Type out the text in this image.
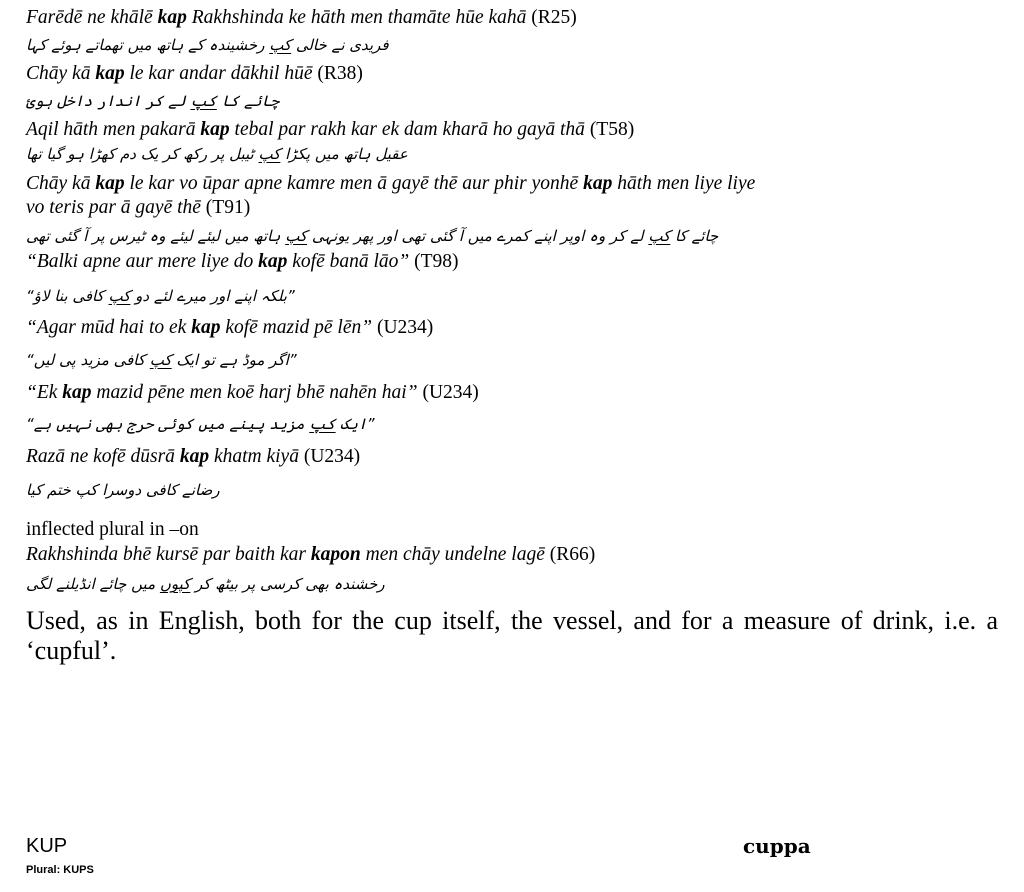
Farēdē ne khālē kap Rakhshinda ke hāth men thamāte hūe kahā (R25)
فریدی نے خالی کپ رخشیندہ کے ہاتھ میں تھماتے ہوئے کہا
Chāy kā kap le kar andar dākhil hūē (R38)
چائے کا کپ لے کر اندار داخل ہوئ
Aqil hāth men pakarā kap tebal par rakh kar ek dam kharā ho gayā thā (T58)
عقیل ہاتھ میں پکڑا کپ ٹیبل پر رکھ کر یک دم کھڑا ہو گیا تھا
Chāy kā kap le kar vo ūpar apne kamre men ā gayē thē aur phir yonhē kap hāth men liye liye
vo teris par ā gayē thē (T91)
چائے کا کپ لے کر وہ اوپر اپنے کمرے میں آ گئی تھی اور پھر یونہی کپ ہاتھ میں لیئے لیئے وہ ٹیرس پر آ گئی تھی
“Balki apne aur mere liye do kap kofē banā lāo” (T98)
”بلکہ اپنے اور میرے لئے دو کپ کافی بنا لاؤ“
“Agar mūd hai to ek kap kofē mazid pē lēn” (U234)
”اگر موڈ ہے تو ایک کپ کافی مزید پی لیں“
“Ek kap mazid pēne men koē harj bhē nahēn hai” (U234)
”ایک کپ مزید پینے میں کوئی حرج بھی نہیں ہے“
Razā ne kofē dūsrā kap khatm kiyā (U234)
رضانے کافی دوسرا کپ ختم کیا
inflected plural in –on
Rakhshinda bhē kursē par baith kar kapon men chāy undelne lagē (R66)
رخشندہ بھی کرسی پر بیٹھ کر کپوں میں چائے انڈیلنے لگی
Used, as in English, both for the cup itself, the vessel, and for a measure of drink, i.e. a ‘cupful’.
KUP	cuppa
Plural: KUPS
